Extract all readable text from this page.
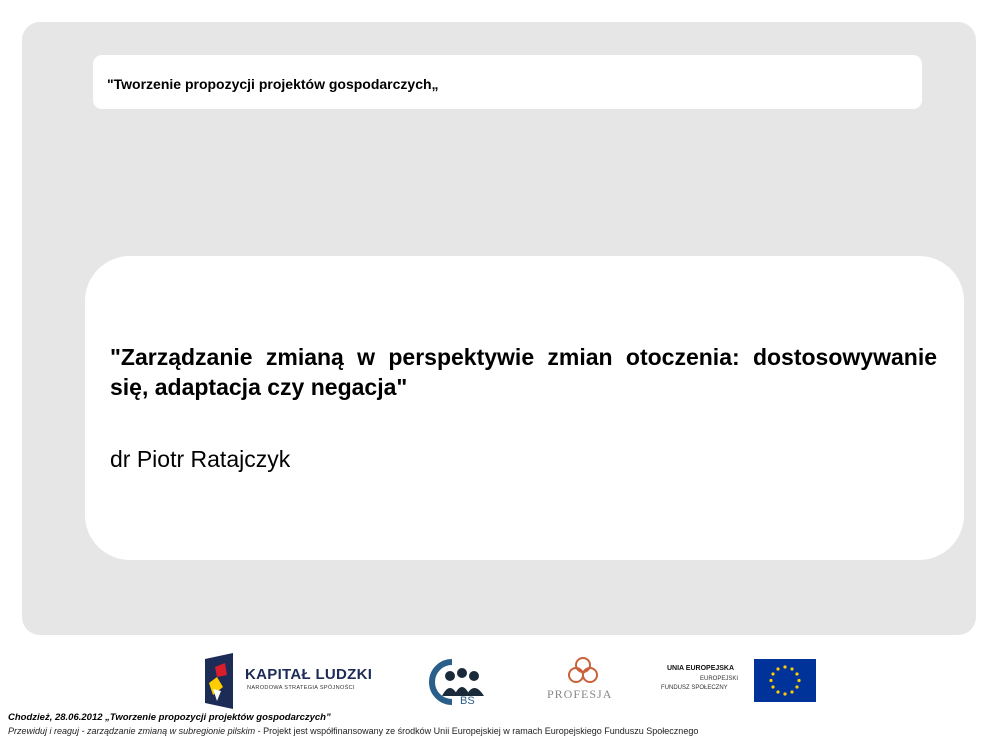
"Tworzenie propozycji projektów gospodarczych„
"Zarządzanie zmianą w perspektywie zmian otoczenia: dostosowywanie się, adaptacja czy negacja"
dr Piotr Ratajczyk
KAPITAŁ LUDZKI
NARODOWA STRATEGIA SPÓJNOŚCI
BS	PROFESJA
UNIA EUROPEJSKA
EUROPEJSKI
FUNDUSZ SPOŁECZNY
Chodzież, 28.06.2012 „Tworzenie propozycji projektów gospodarczych”
Przewiduj i reaguj - zarządzanie zmianą w subregionie pilskim - Projekt jest współfinansowany ze środków Unii Europejskiej w ramach Europejskiego Funduszu Społecznego
